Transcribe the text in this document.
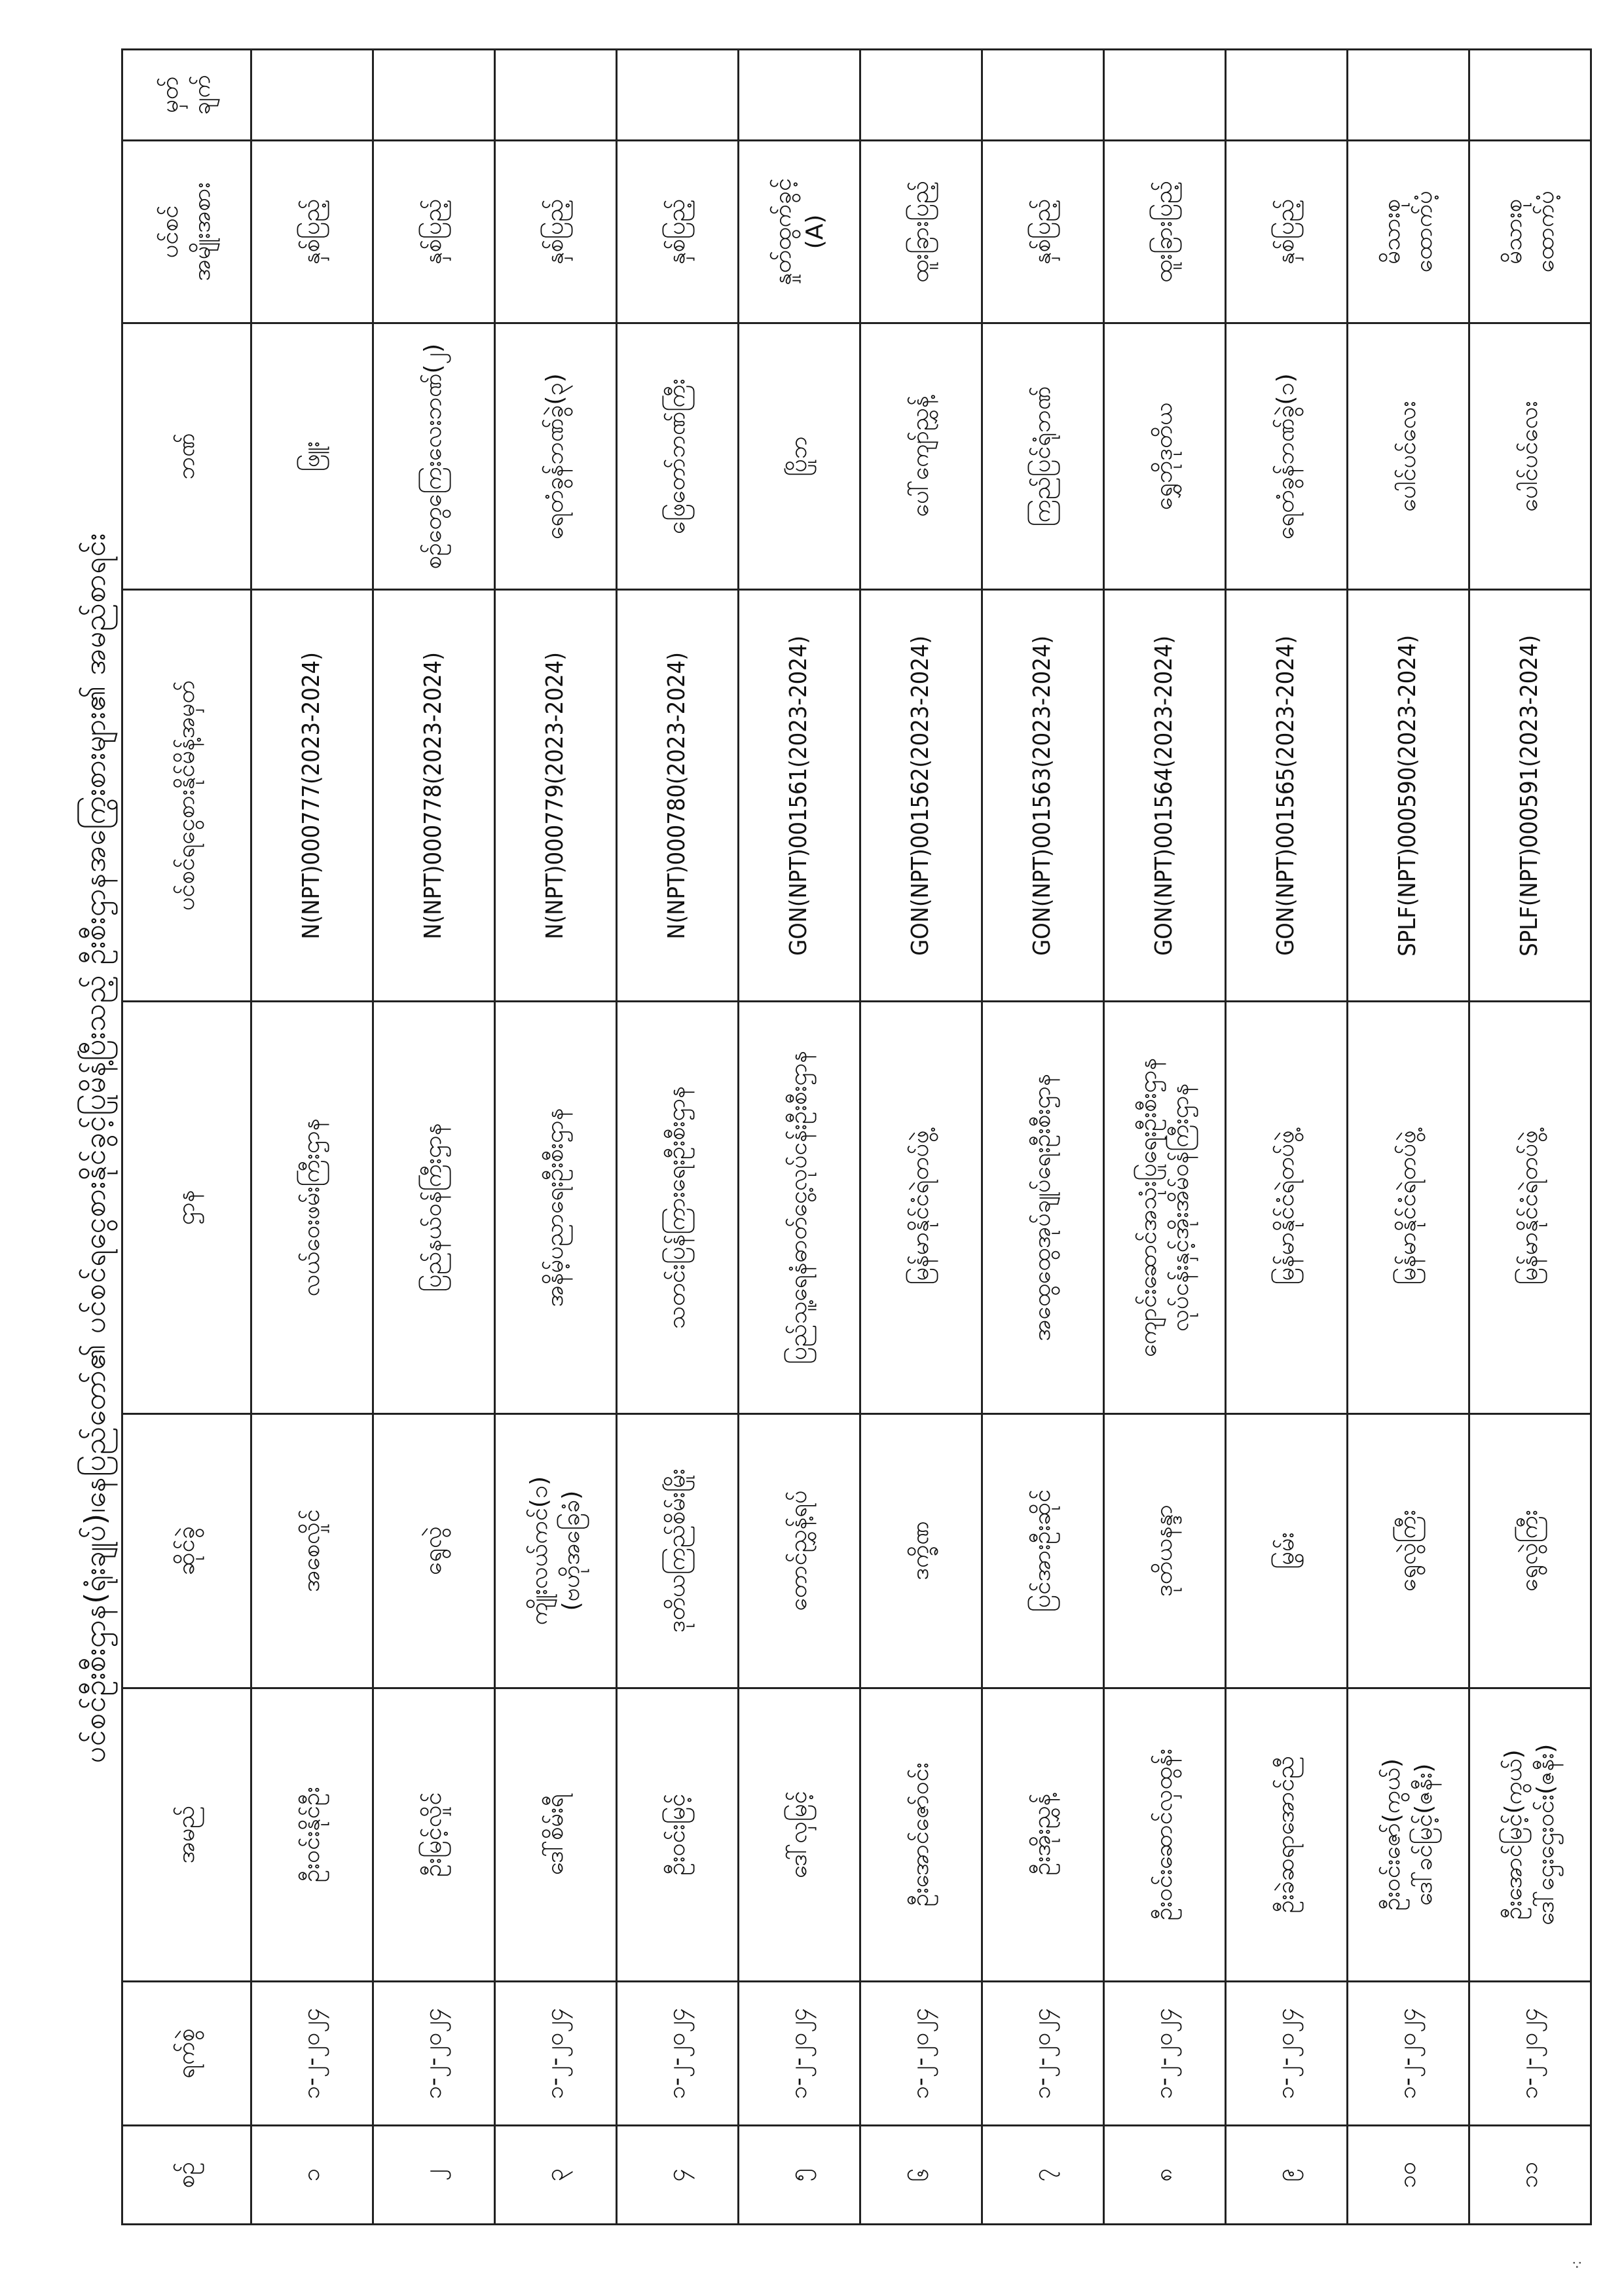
ပင်စင်ဦးစီးဌာန(ရုံးချုပ်)၊နေပြည်တော်၏ ပင်စင်ရငွေစားနိုင်ခွင့်ပြုမိန့်ပြီးသည့် ဦးစီးဌာနအကြွေးစားများ၏ အမည်စာရင်း
စဉ်	ရက်စွဲ	အမည်	ဆိုင်ခွဲ	ဌာန	ပင်စင်ရငွေစားနိုင်မိန့်အမှတ်	ဘဏ်	ပင်စင် အမျိုးအစား	မှတ် ချက်
၁	၁-၂-၂၀၂၄	ဦးဝင်းနိုင်ဦး	အစေလှိုင်	လယ်ဝေးဖမ်းကြီးဌာန	N(NPT)000777(2023-2024)	ဖြူး	နှစ်ပြည့်	
၂	၁-၂-၂၀၂၄	ဦးမြင့်လှိုင်	ရွေလွဲ	ပြည်နယ်ဝန်ကြီးဌာန	N(NPT)000778(2023-2024)	စဉ်တွေကြေးလေးဘဏ်(၂)	နှစ်ပြည့်	
၃	၁-၂-၂၀၂၄	ဒေါ်စိမ်းရီ	ကျိုးလယ်ကင်(၁) (ဗဟိုအခြေခံ)	အနိမ့်ပညာရေးဦးစီးဌာန	N(NPT)000779(2023-2024)	ရေတံခွန်ဘဏ်ခွဲ(၃)	နှစ်ပြည့်	
၄	၁-၂-၂၀၂၄	ဦးဝင်းမြင့်	ဒုတိယကြည်စိမ်းမြိုး	သတင်းပြန်ကြားရေးဦးစီးဌာန	N(NPT)000780(2023-2024)	ဖြေတော်ဘဏ်ကြီး	နှစ်ပြည့်	
၅	၁-၂-၂၀၂၄	ဒေါ်လှမြင့်	တောင်ညွှန့်ရပ်	ပြည်သူ့ရေနံဓာတ်ငွေ့လုပ်ငန်းဦးစီးဌာန	GON(NPT)001561(2023-2024)	ပြိုဘ	နှုတ်ထွက်ခွင့် (A)	
၆	၁-၂-၂၀၂၄	ဦးအောင်ဇော်ဝင်း	ဒက္ခိဏ	မြန်မာနိုင်ငံရဲတပ်ဖွဲ့	GON(NPT)001562(2023-2024)	ပေါ်ကျော်ညွှန့်	ထူးခြားပြည့်	
၇	၁-၂-၂၀၂၄	ဦးအိုးညွှန့်	ပြင်အားဦးဆိုင်	အထွေထွေအုပ်ချုပ်ရေးဦးစီးဌာန	GON(NPT)001563(2023-2024)	ကြည်ပြင်ရုံဘဏ်	နှစ်ပြည့်	
၈	၁-၂-၂၀၂၄	ဦးဝင်းဆောင်လှထွန်း	ဒုတိယနန္ဒာ	ကျောင်းဆောင်အသုံးပြုရေးဦးစီးဌာန လုပ်ငန်းနှင့်အိုးအိမ်ဝန်ကြီးဌာန	GON(NPT)001564(2023-2024)	ရွှေဘိုဒုတိယ	ထူးခြားပြည့်	
၉	၁-၂-၂၀၂၄	ဦးခဲဆရာအောင်ညီ	မြွမ်း	မြန်မာနိုင်ငံရဲတပ်ဖွဲ့	GON(NPT)001565(2023-2024)	ရေတံခွန်ဘဏ်ခွဲ(၁)	နှစ်ပြည့်	
၁၀	၁-၂-၂၀၂၄	ဦးဝင်းဇော်(ကွယ်) ဒေါ်ခင်မြင့်(ဇနီး)	ရွေလွဲကြီး	မြန်မာနိုင်ငံရဲတပ်ဖွဲ့	SPLF(NPT)000590(2023-2024)	ပေါင်ပင်လေး	မိသားစု ထောက်ပံ့	
၁၁	၁-၂-၂၀၂၄	ဦးအောင်မြင့်(ကွယ်) ဒေါ်ဌေးဌေးဝင်း(ဇနီး)	ရွေလွဲကြီး	မြန်မာနိုင်ငံရဲတပ်ဖွဲ့	SPLF(NPT)000591(2023-2024)	ပေါင်ပင်လေး	မိသားစု ထောက်ပံ့	
⁖
